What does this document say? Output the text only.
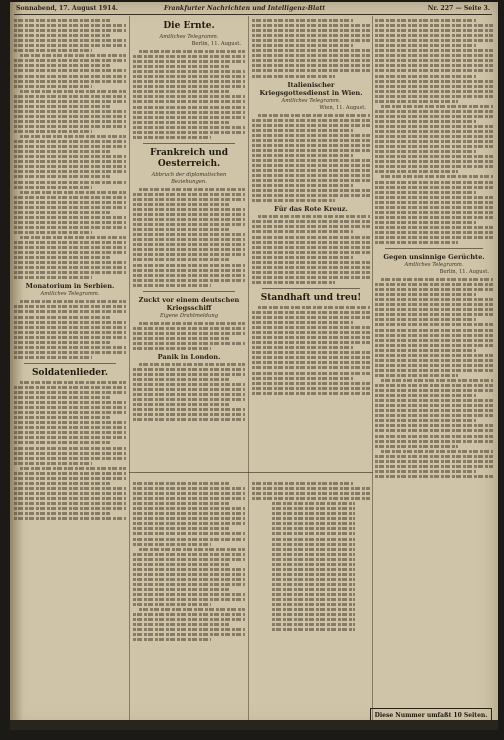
Sonnabend, 17. August 1914.	Frankfurter Nachrichten und Intelligenz-Blatt	Nr. 227 — Seite 3.
Monatorium in Serbien.
Amtliches Telegramm.
Soldatenlieder.
Die Ernte.
Amtliches Telegramm.
Berlin, 11. August.
Frankreich und Oesterreich.
Abbruch der diplomatischen Beziehungen.
Zuckt vor einem deutschen Kriegsschiff
Eigene Drahtmeldung
Panik in London.
Italienischer Kriegsgottesdienst in Wien.
Amtliches Telegramm.
Wien, 11. August.
Für das Rote Kreuz.
Standhaft und treu!
Gegen unsinnige Gerüchte.
Amtliches Telegramm.
Berlin, 11. August.
Diese Nummer umfaßt 10 Seiten.
